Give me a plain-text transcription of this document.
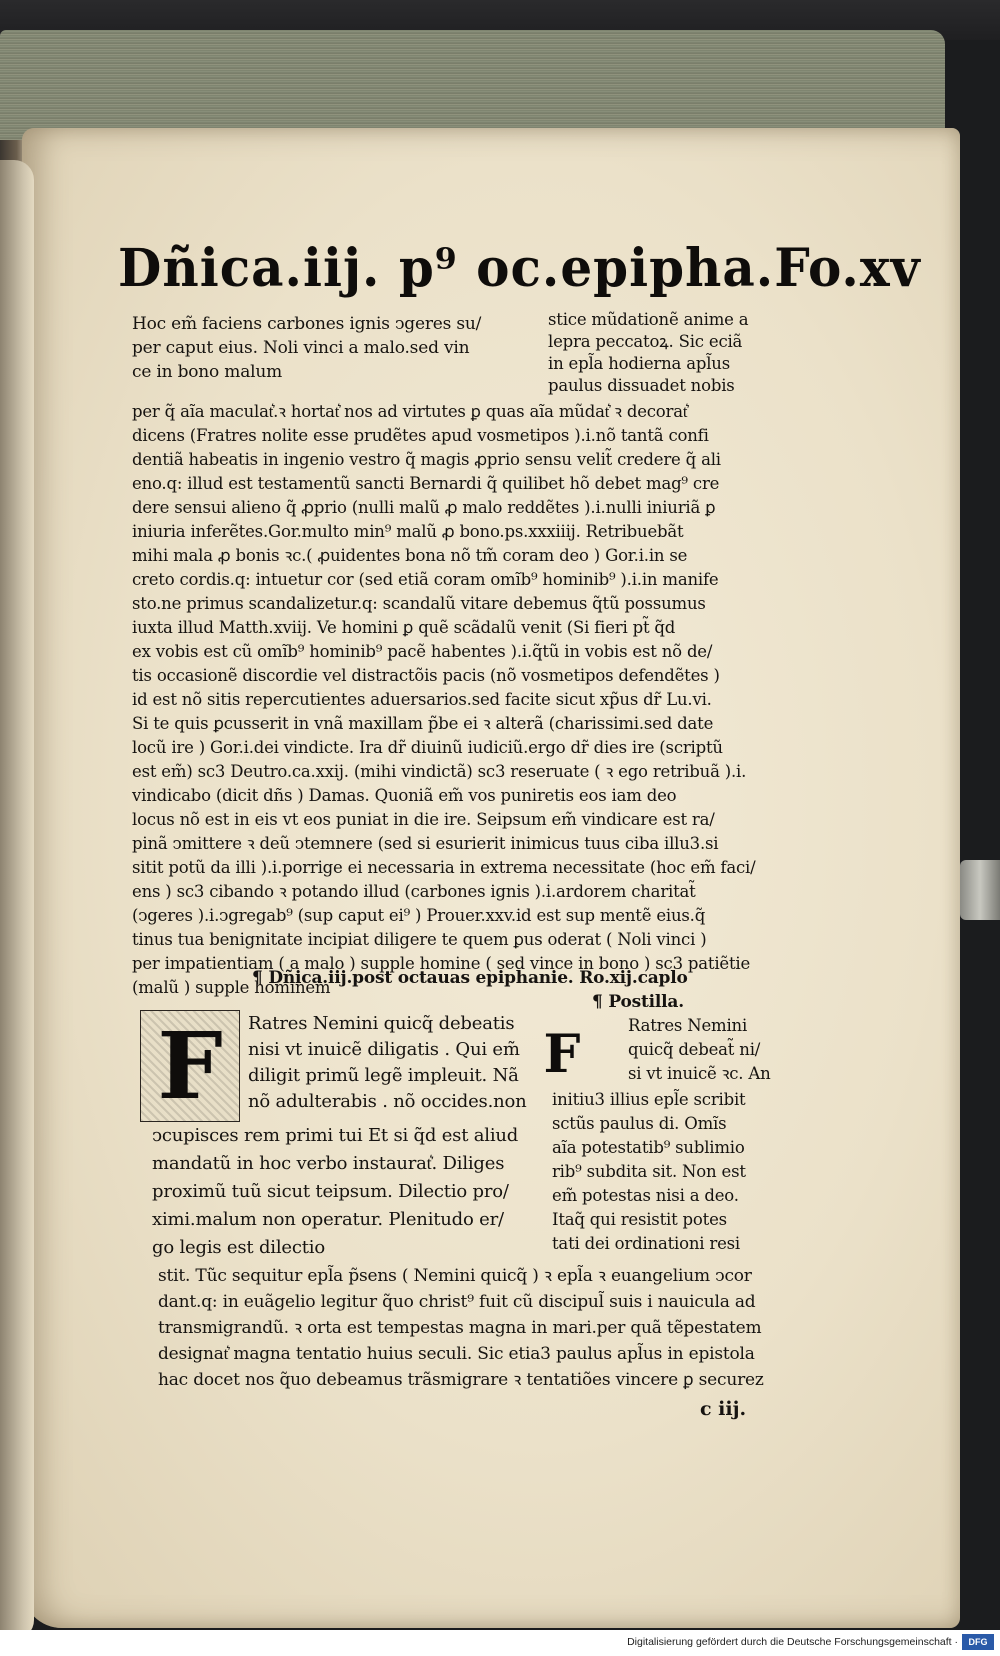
Dñica.iij. p⁹ oc.epipha.Fo.xv
Hoc em̃ faciens carbones ignis ↄgeres su/
per caput eius. Noli vinci a malo.sed vin
ce in bono malum
stice mũdationẽ anime a
lepra peccatoꝝ. Sic eciã
in epl̃a hodierna apl̃us
paulus dissuadet nobis
per q̃ aĩa maculat͛.ꝛ hortat͛ nos ad virtutes ꝑ quas aĩa mũdat͛ ꝛ decorat͛
dicens (Fratres nolite esse prudẽtes apud vosmetipos ).i.nõ tantã confi
dentiã habeatis in ingenio vestro q̃ magis ꝓprio sensu velit̃ credere q̃ ali
eno.q: illud est testamentũ sancti Bernardi q̃ quilibet hõ debet mag⁹ cre
dere sensui alieno q̃ ꝓprio (nulli malũ ꝓ malo reddẽtes ).i.nulli iniuriã ꝑ
iniuria inferẽtes.Gor.multo min⁹ malũ ꝓ bono.ps.xxxiiij. Retribuebãt
mihi mala ꝓ bonis ꝛc.( ꝓuidentes bona nõ tm̃ coram deo ) Gor.i.in se
creto cordis.q: intuetur cor (sed etiã coram omĩb⁹ hominib⁹ ).i.in manife
sto.ne primus scandalizetur.q: scandalũ vitare debemus q̃tũ possumus
iuxta illud Matth.xviij. Ve homini ꝑ quẽ scãdalũ venit (Si fieri pt̃ q̃d
ex vobis est cũ omĩb⁹ hominib⁹ pacẽ habentes ).i.q̃tũ in vobis est nõ de/
tis occasionẽ discordie vel distractõis pacis (nõ vosmetipos defendẽtes )
id est nõ sitis repercutientes aduersarios.sed facite sicut xp̃us dr̃ Lu.vi.
Si te quis ꝑcusserit in vnã maxillam p̃be ei ꝛ alterã (charissimi.sed date
locũ ire ) Gor.i.dei vindicte. Ira dr̃ diuinũ iudiciũ.ergo dr̃ dies ire (scriptũ
est em̃) sc3 Deutro.ca.xxij. (mihi vindictã) sc3 reseruate ( ꝛ ego retribuã ).i.
vindicabo (dicit dñs ) Damas. Quoniã em̃ vos puniretis eos iam deo
locus nõ est in eis vt eos puniat in die ire. Seipsum em̃ vindicare est ra/
pinã ↄmittere ꝛ deũ ↄtemnere (sed si esurierit inimicus tuus ciba illu3.si
sitit potũ da illi ).i.porrige ei necessaria in extrema necessitate (hoc em̃ faci/
ens ) sc3 cibando ꝛ potando illud (carbones ignis ).i.ardorem charitat̃
(ↄgeres ).i.ↄgregab⁹ (sup caput ei⁹ ) Prouer.xxv.id est sup mentẽ eius.q̃
tinus tua benignitate incipiat diligere te quem ꝑus oderat ( Noli vinci )
per impatientiam ( a malo ) supple homine ( sed vince in bono ) sc3 patiẽtie
(malũ ) supple hominem
¶ Dñica.iij.post octauas epiphanie. Ro.xij.caplo
¶ Postilla.
F	Ratres Nemini quicq̃ debeatis
nisi vt inuicẽ diligatis . Qui em̃
diligit primũ legẽ impleuit. Nã
nõ adulterabis . nõ occides.non
ↄcupisces rem primi tui Et si q̃d est aliud
mandatũ in hoc verbo instaurat͛. Diliges
proximũ tuũ sicut teipsum. Dilectio pro/
ximi.malum non operatur. Plenitudo er/
go legis est dilectio
F	Ratres Nemini
quicq̃ debeat̃ ni/
si vt inuicẽ ꝛc. An
initiu3 illius epl̃e scribit
sctũs paulus di. Omĩs
aĩa potestatib⁹ sublimio
rib⁹ subdita sit. Non est
em̃ potestas nisi a deo.
Itaq̃ qui resistit potes
tati dei ordinationi resi
stit. Tũc sequitur epl̃a p̃sens ( Nemini quicq̃ ) ꝛ epl̃a ꝛ euangelium ↄcor
dant.q: in euãgelio legitur q̃uo christ⁹ fuit cũ discipul̃ suis i nauicula ad
transmigrandũ. ꝛ orta est tempestas magna in mari.per quã tẽpestatem
designat͛ magna tentatio huius seculi. Sic etia3 paulus apl̃us in epistola
hac docet nos q̃uo debeamus trãsmigrare ꝛ tentatiões vincere ꝑ securez
c iij.
Digitalisierung gefördert durch die Deutsche Forschungsgemeinschaft ·	DFG
